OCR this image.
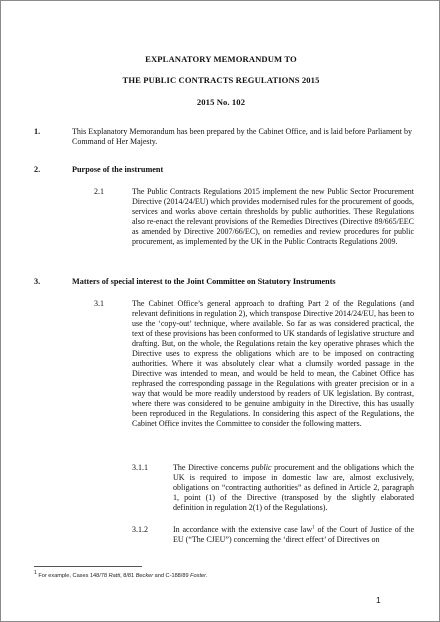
EXPLANATORY MEMORANDUM TO
THE PUBLIC CONTRACTS REGULATIONS 2015
2015 No. 102
1.	This Explanatory Memorandum has been prepared by the Cabinet Office, and is laid before Parliament by Command of Her Majesty.
2.	Purpose of the instrument
2.1	The Public Contracts Regulations 2015 implement the new Public Sector Procurement Directive (2014/24/EU) which provides modernised rules for the procurement of goods, services and works above certain thresholds by public authorities. These Regulations also re-enact the relevant provisions of the Remedies Directives (Directive 89/665/EEC as amended by Directive 2007/66/EC), on remedies and review procedures for public procurement, as implemented by the UK in the Public Contracts Regulations 2009.
3.	Matters of special interest to the Joint Committee on Statutory Instruments
3.1	The Cabinet Office’s general approach to drafting Part 2 of the Regulations (and relevant definitions in regulation 2), which transpose Directive 2014/24/EU, has been to use the ‘copy-out’ technique, where available. So far as was considered practical, the text of these provisions has been conformed to UK standards of legislative structure and drafting. But, on the whole, the Regulations retain the key operative phrases which the Directive uses to express the obligations which are to be imposed on contracting authorities. Where it was absolutely clear what a clumsily worded passage in the Directive was intended to mean, and would be held to mean, the Cabinet Office has rephrased the corresponding passage in the Regulations with greater precision or in a way that would be more readily understood by readers of UK legislation. By contrast, where there was considered to be genuine ambiguity in the Directive, this has usually been reproduced in the Regulations. In considering this aspect of the Regulations, the Cabinet Office invites the Committee to consider the following matters.
3.1.1	The Directive concerns public procurement and the obligations which the UK is required to impose in domestic law are, almost exclusively, obligations on “contracting authorities” as defined in Article 2, paragraph 1, point (1) of the Directive (transposed by the slightly elaborated definition in regulation 2(1) of the Regulations).
3.1.2	In accordance with the extensive case law$^1$ of the Court of Justice of the EU (“The CJEU”) concerning the ‘direct effect’ of Directives on
$^1$ For example, Cases 148/78 Ratti, 8/81 Becker and C-188/89 Foster.
1
